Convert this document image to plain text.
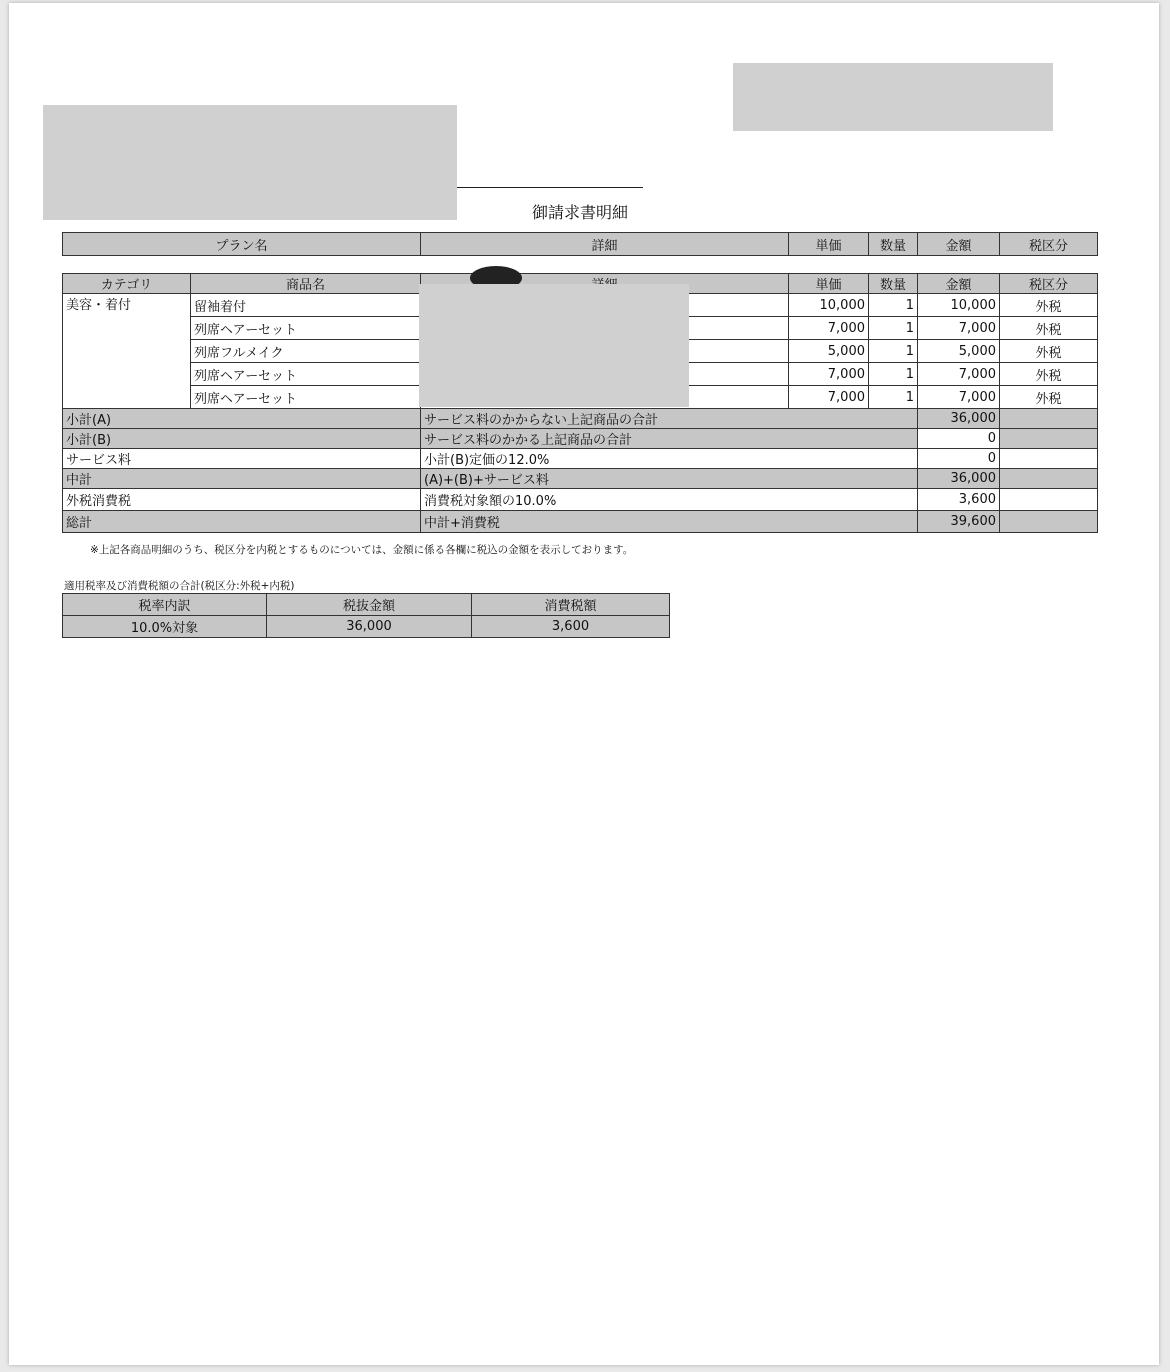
御請求書明細
プラン名	詳細	単価	数量	金額	税区分
カテゴリ	商品名		単価	数量	金額	税区分
美容・着付	留袖着付		10,000	1	10,000	外税
	列席ヘアーセット		7,000	1	7,000	外税
	列席フルメイク		5,000	1	5,000	外税
	列席ヘアーセット		7,000	1	7,000	外税
	列席ヘアーセット		7,000	1	7,000	外税
小計(A)		サービス料のかからない上記商品の合計			36,000	
小計(B)		サービス料のかかる上記商品の合計			0	
サービス料		小計(B)定価の12.0%			0	
中計		(A)+(B)+サービス料			36,000	
外税消費税		消費税対象額の10.0%			3,600	
総計		中計+消費税			39,600	
※上記各商品明細のうち、税区分を内税とするものについては、金額に係る各欄に税込の金額を表示しております。
適用税率及び消費税額の合計(税区分:外税+内税)
税率内訳	税抜金額	消費税額
10.0%対象	36,000	3,600
